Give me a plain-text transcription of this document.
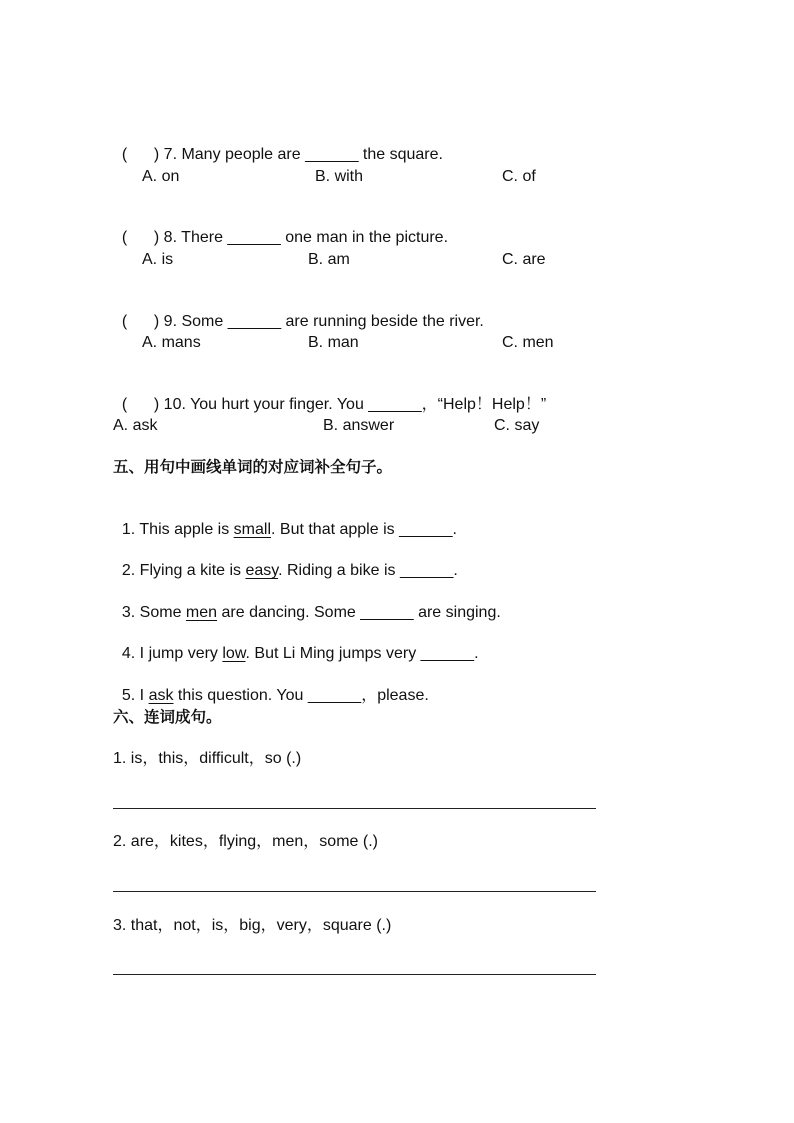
(      ) 7. Many people are ______ the square.

A. on	B. with	C. of

(      ) 8. There ______ one man in the picture.

A. is	B. am	C. are

(      ) 9. Some ______ are running beside the river.

A. mans	B. man	C. men

(      ) 10. You hurt your finger. You ______，“Help！Help！”

A. ask	B. answer	C. say
五、用句中画线单词的对应词补全句子。

1. This apple is small. But that apple is ______.

2. Flying a kite is easy. Riding a bike is ______.

3. Some men are dancing. Some ______ are singing.

4. I jump very low. But Li Ming jumps very ______.

5. I ask this question. You ______，please.

六、连词成句。
1. is，this，difficult，so (.)
2. are，kites，flying，men，some (.)
3. that，not，is，big，very，square (.)
